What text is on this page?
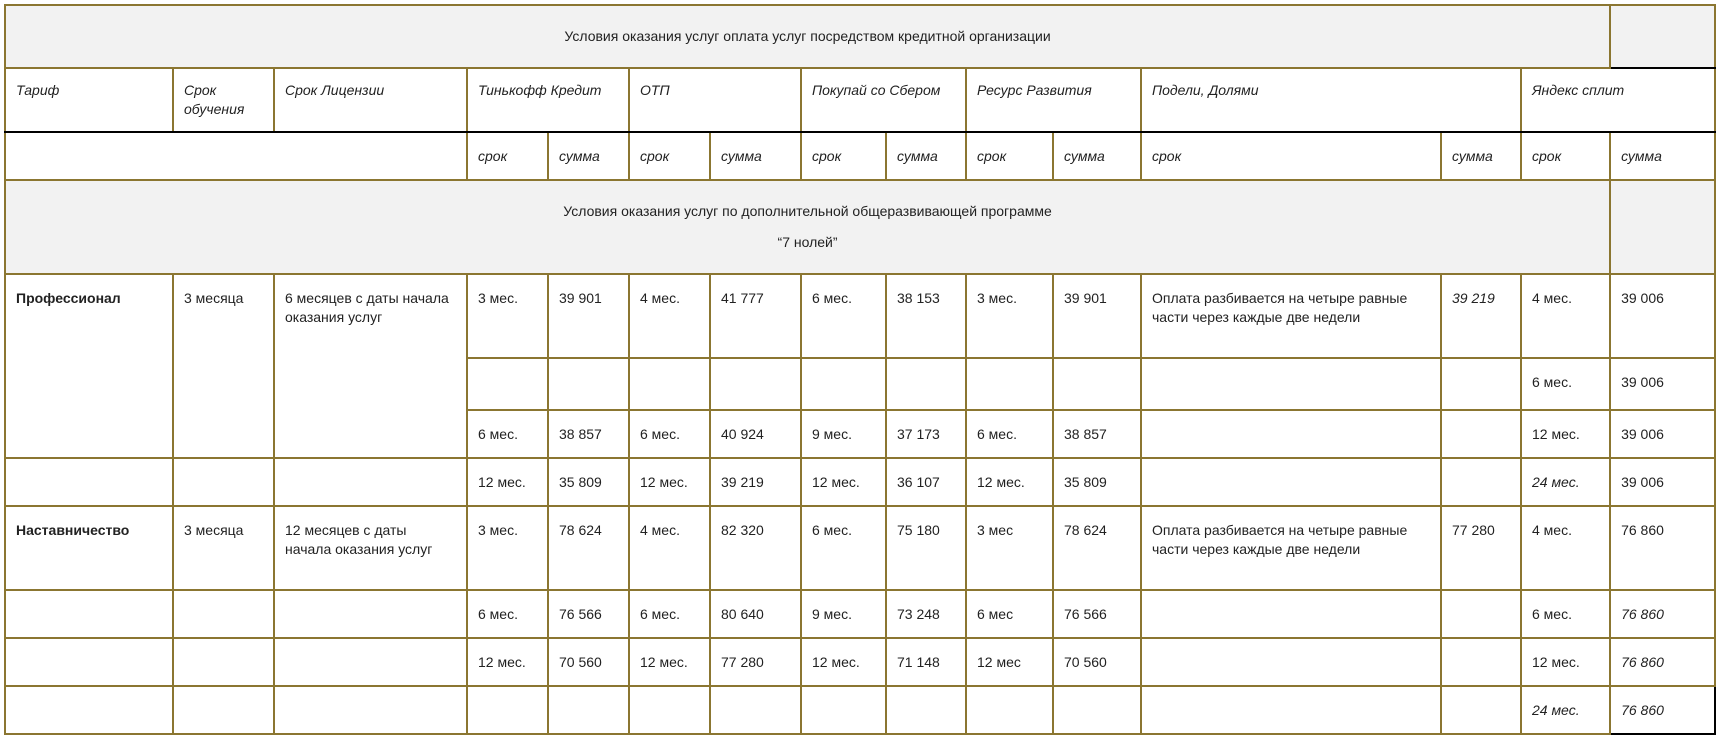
Условия оказания услуг оплата услуг посредством кредитной организации														
Тариф	Срок обучения	Срок Лицензии	Тинькофф Кредит		ОТП		Покупай со Сбером		Ресурс Развития		Подели, Долями		Яндекс сплит	
			срок	сумма	срок	сумма	срок	сумма	срок	сумма	срок	сумма	срок	сумма
Условия оказания услуг по дополнительной общеразвивающей программе

“7 нолей”														

Профессионал	3 месяца	6 месяцев с даты начала оказания услуг	3 мес.	39 901	4 мес.	41 777	6 мес.	38 153	3 мес.	39 901	Оплата разбивается на четыре равные части через каждые две недели	39 219	4 мес.	39 006
													6 мес.	39 006
			6 мес.	38 857	6 мес.	40 924	9 мес.	37 173	6 мес.	38 857			12 мес.	39 006
			12 мес.	35 809	12 мес.	39 219	12 мес.	36 107	12 мес.	35 809			24 мес.	39 006
Наставничество	3 месяца	12 месяцев с даты начала оказания услуг	3 мес.	78 624	4 мес.	82 320	6 мес.	75 180	3 мес	78 624	Оплата разбивается на четыре равные части через каждые две недели	77 280	4 мес.	76 860
			6 мес.	76 566	6 мес.	80 640	9 мес.	73 248	6 мес	76 566			6 мес.	76 860
			12 мес.	70 560	12 мес.	77 280	12 мес.	71 148	12 мес	70 560			12 мес.	76 860
													24 мес.	76 860
